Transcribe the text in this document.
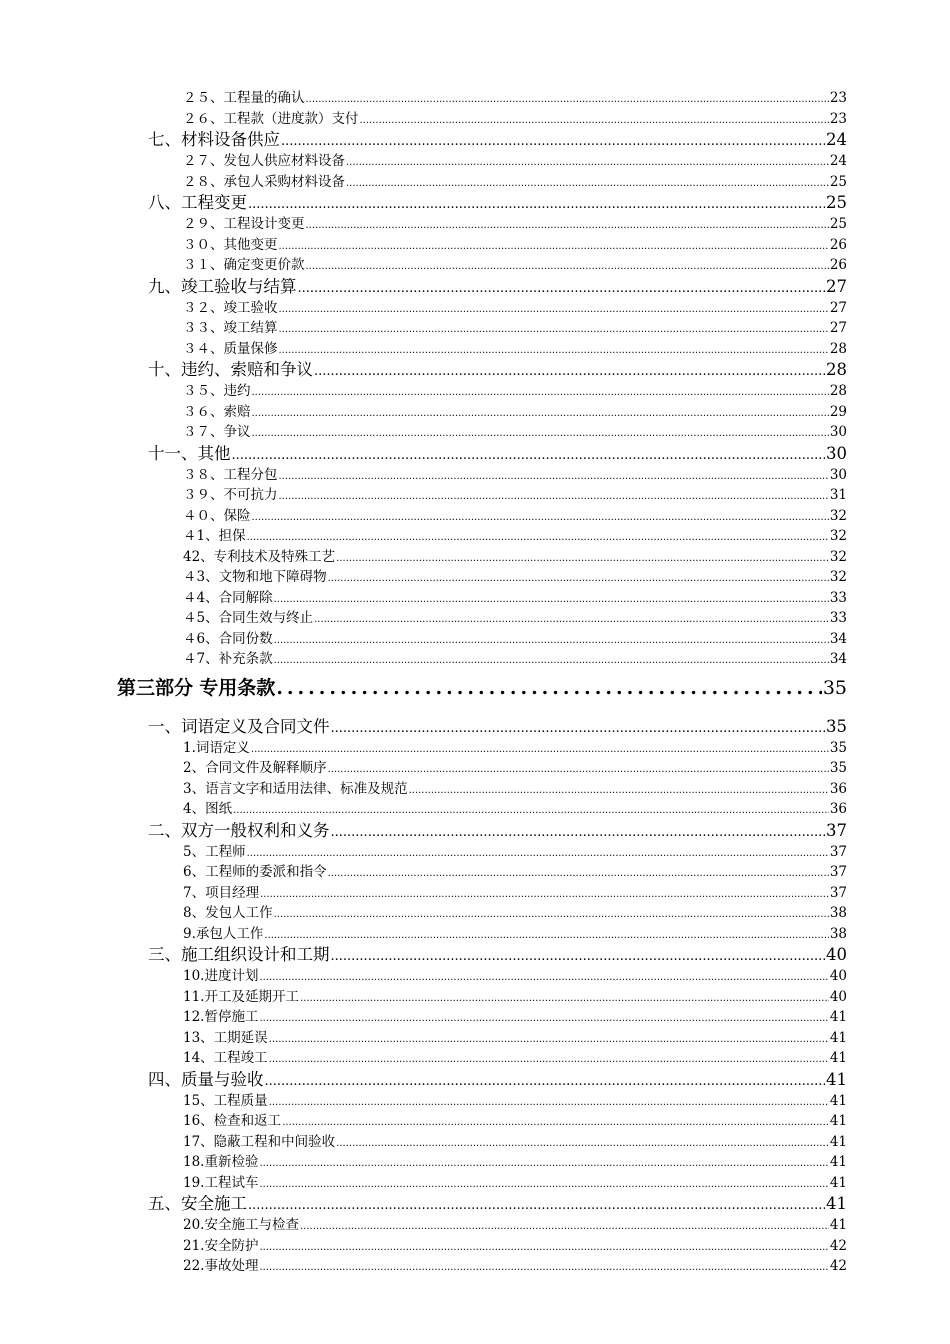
２５、工程量的确认 .....	23
２６、工程款（进度款）支付 .....	23
七、材料设备供应 .....	24
２７、发包人供应材料设备 .....	24
２８、承包人采购材料设备 .....	25
八、工程变更 .....	25
２９、工程设计变更 .....	25
３０、其他变更 .....	26
３１、确定变更价款 .....	26
九、竣工验收与结算 .....	27
３２、竣工验收 .....	27
３３、竣工结算 .....	27
３４、质量保修 .....	28
十、违约、索赔和争议 .....	28
３５、违约 .....	28
３６、索赔 .....	29
３７、争议 .....	30
十一、其他 .....	30
３８、工程分包 .....	30
３９、不可抗力 .....	31
４０、保险 .....	32
４1、担保 .....	32
42、专利技术及特殊工艺 .....	32
４3、文物和地下障碍物 .....	32
４4、合同解除 .....	33
４5、合同生效与终止 .....	33
４6、合同份数 .....	34
４7、补充条款 .....	34
第三部分 专用条款 .....	35
一、词语定义及合同文件 .....	35
1.词语定义 .....	35
2、合同文件及解释顺序 .....	35
3、语言文字和适用法律、标准及规范 .....	36
4、图纸 .....	36
二、双方一般权利和义务 .....	37
5、工程师 .....	37
6、工程师的委派和指令 .....	37
7、项目经理 .....	37
8、发包人工作 .....	38
9.承包人工作 .....	38
三、施工组织设计和工期 .....	40
10.进度计划 .....	40
11.开工及延期开工 .....	40
12.暂停施工 .....	41
13、工期延误 .....	41
14、工程竣工 .....	41
四、质量与验收 .....	41
15、工程质量 .....	41
16、检查和返工 .....	41
17、隐蔽工程和中间验收 .....	41
18.重新检验 .....	41
19.工程试车 .....	41
五、安全施工 .....	41
20.安全施工与检查 .....	41
21.安全防护 .....	42
22.事故处理 .....	42
